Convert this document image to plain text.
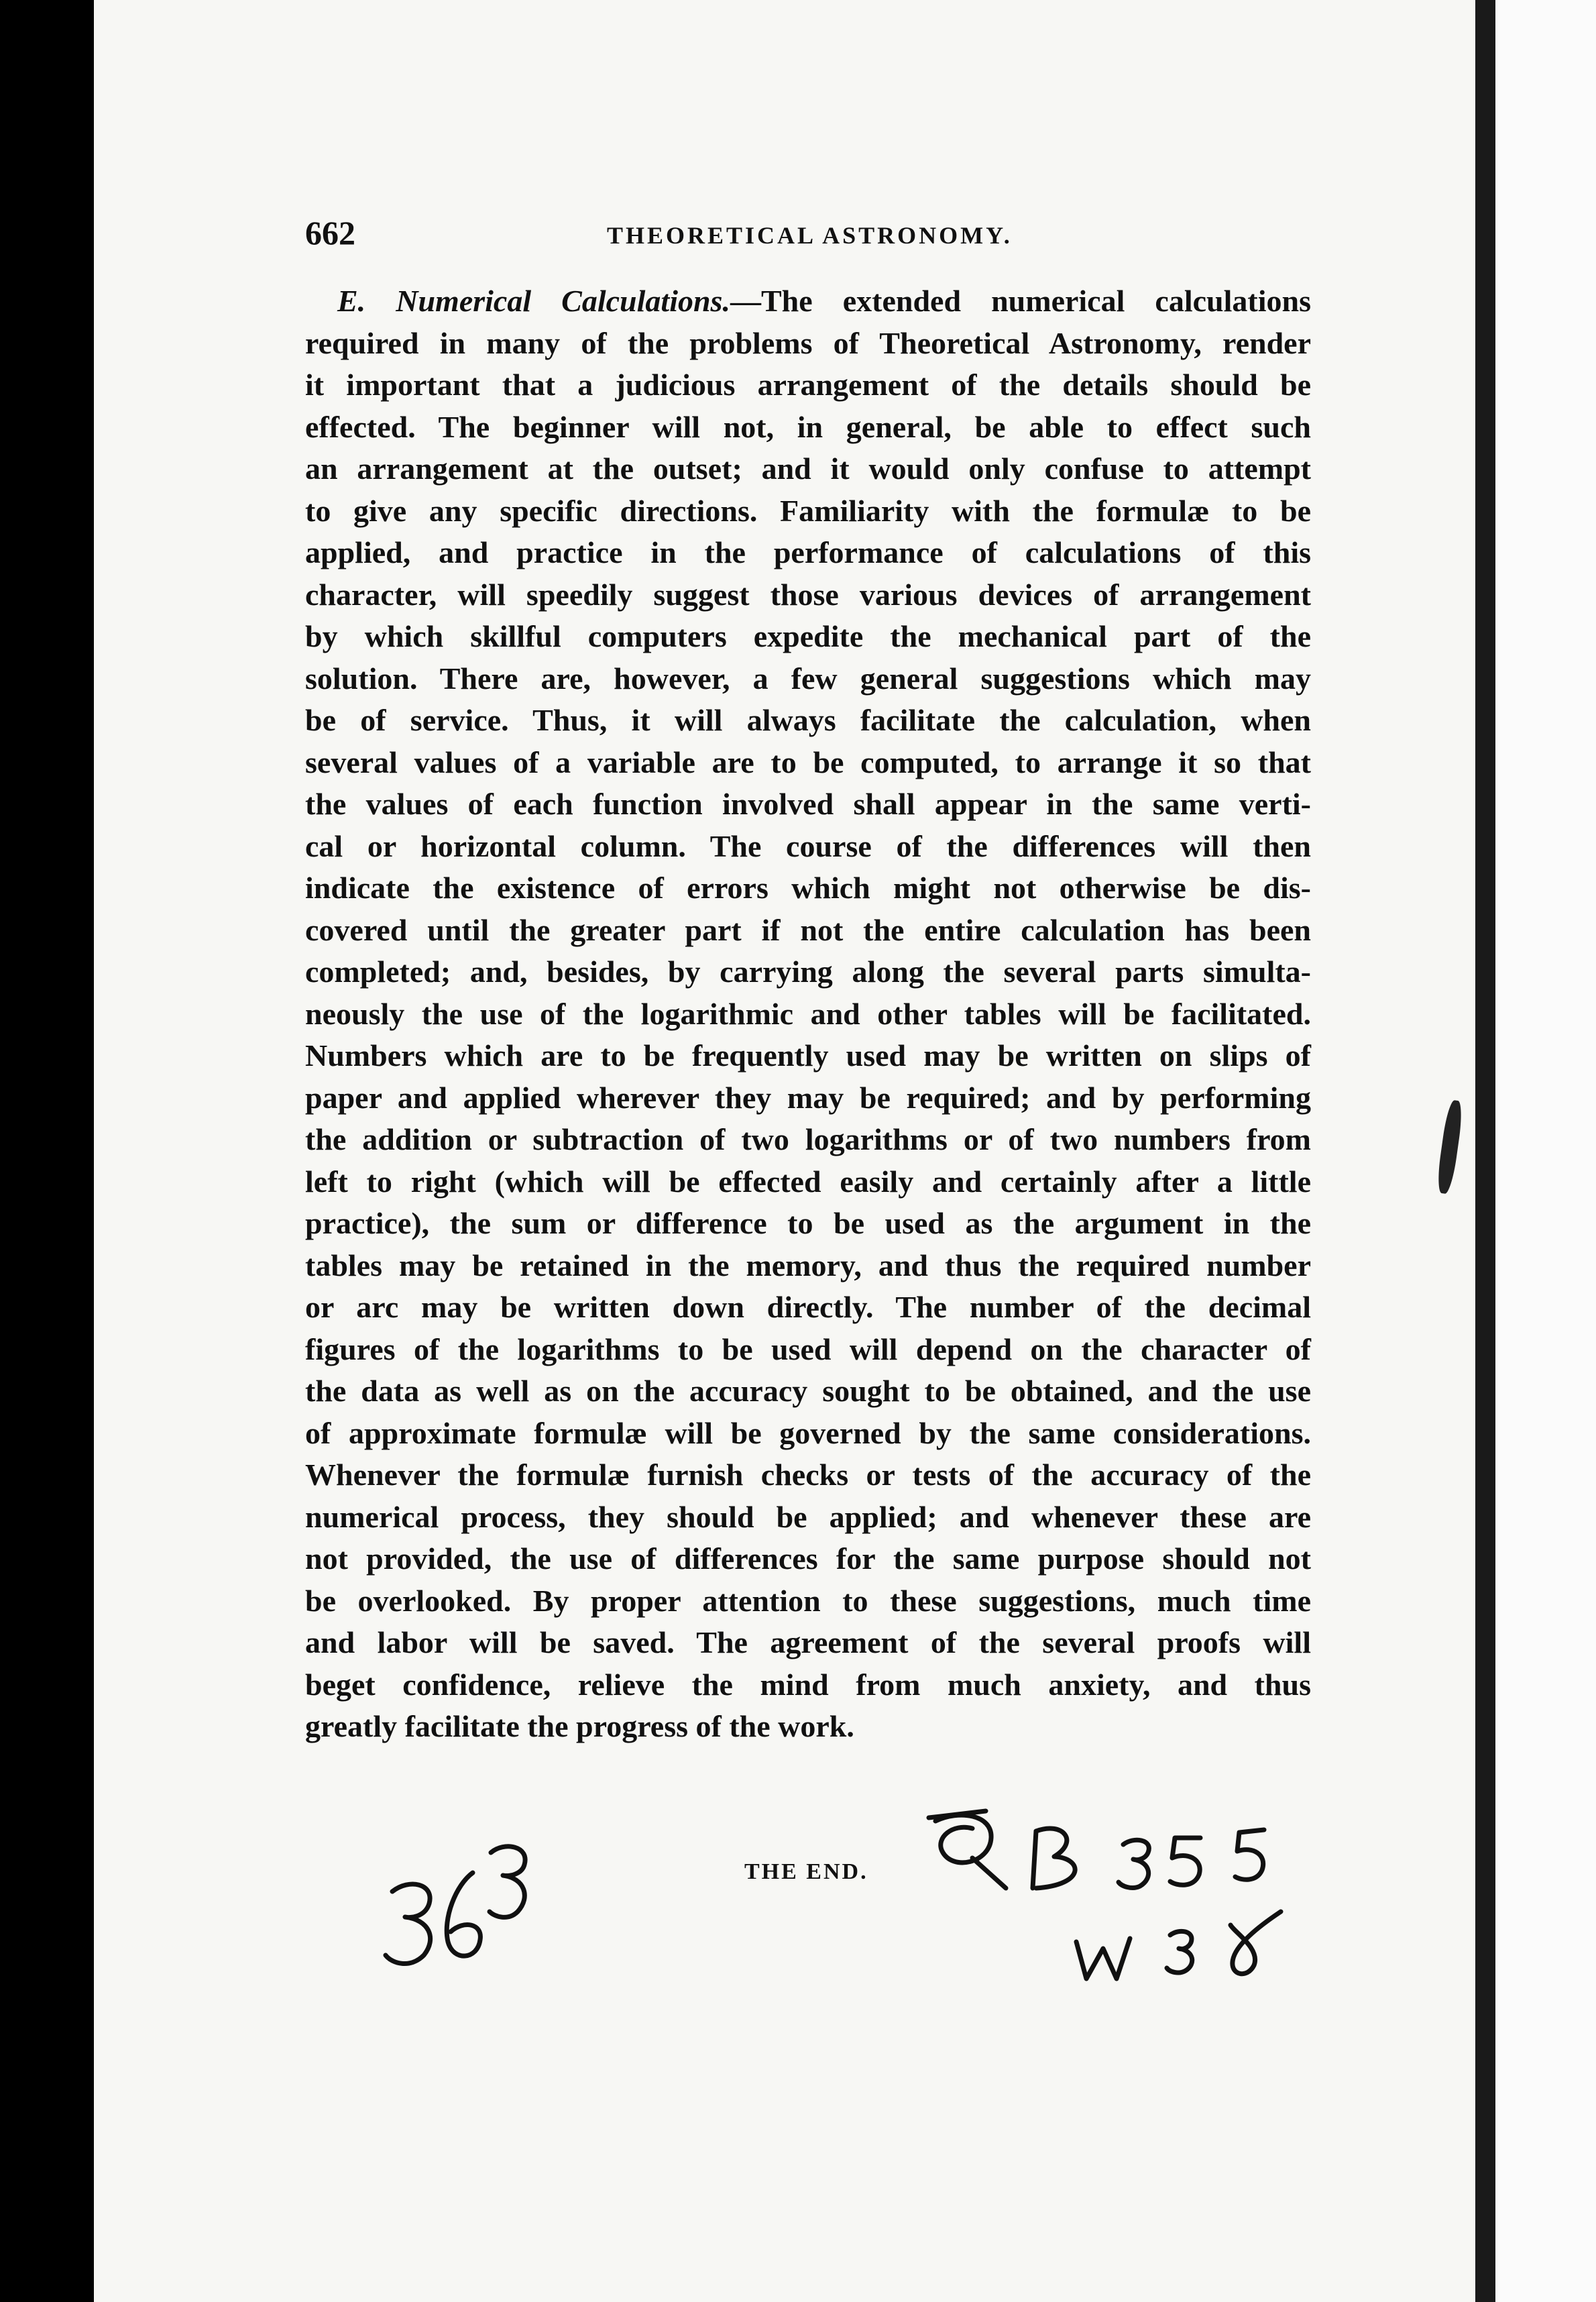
662	THEORETICAL ASTRONOMY.
E. Numerical Calculations.—The extended numerical calculations
required in many of the problems of Theoretical Astronomy, render
it important that a judicious arrangement of the details should be
effected. The beginner will not, in general, be able to effect such
an arrangement at the outset; and it would only confuse to attempt
to give any specific directions. Familiarity with the formulæ to be
applied, and practice in the performance of calculations of this
character, will speedily suggest those various devices of arrangement
by which skillful computers expedite the mechanical part of the
solution. There are, however, a few general suggestions which may
be of service. Thus, it will always facilitate the calculation, when
several values of a variable are to be computed, to arrange it so that
the values of each function involved shall appear in the same verti-
cal or horizontal column. The course of the differences will then
indicate the existence of errors which might not otherwise be dis-
covered until the greater part if not the entire calculation has been
completed; and, besides, by carrying along the several parts simulta-
neously the use of the logarithmic and other tables will be facilitated.
Numbers which are to be frequently used may be written on slips of
paper and applied wherever they may be required; and by performing
the addition or subtraction of two logarithms or of two numbers from
left to right (which will be effected easily and certainly after a little
practice), the sum or difference to be used as the argument in the
tables may be retained in the memory, and thus the required number
or arc may be written down directly. The number of the decimal
figures of the logarithms to be used will depend on the character of
the data as well as on the accuracy sought to be obtained, and the use
of approximate formulæ will be governed by the same considerations.
Whenever the formulæ furnish checks or tests of the accuracy of the
numerical process, they should be applied; and whenever these are
not provided, the use of differences for the same purpose should not
be overlooked. By proper attention to these suggestions, much time
and labor will be saved. The agreement of the several proofs will
beget confidence, relieve the mind from much anxiety, and thus
greatly facilitate the progress of the work.
THE END.
